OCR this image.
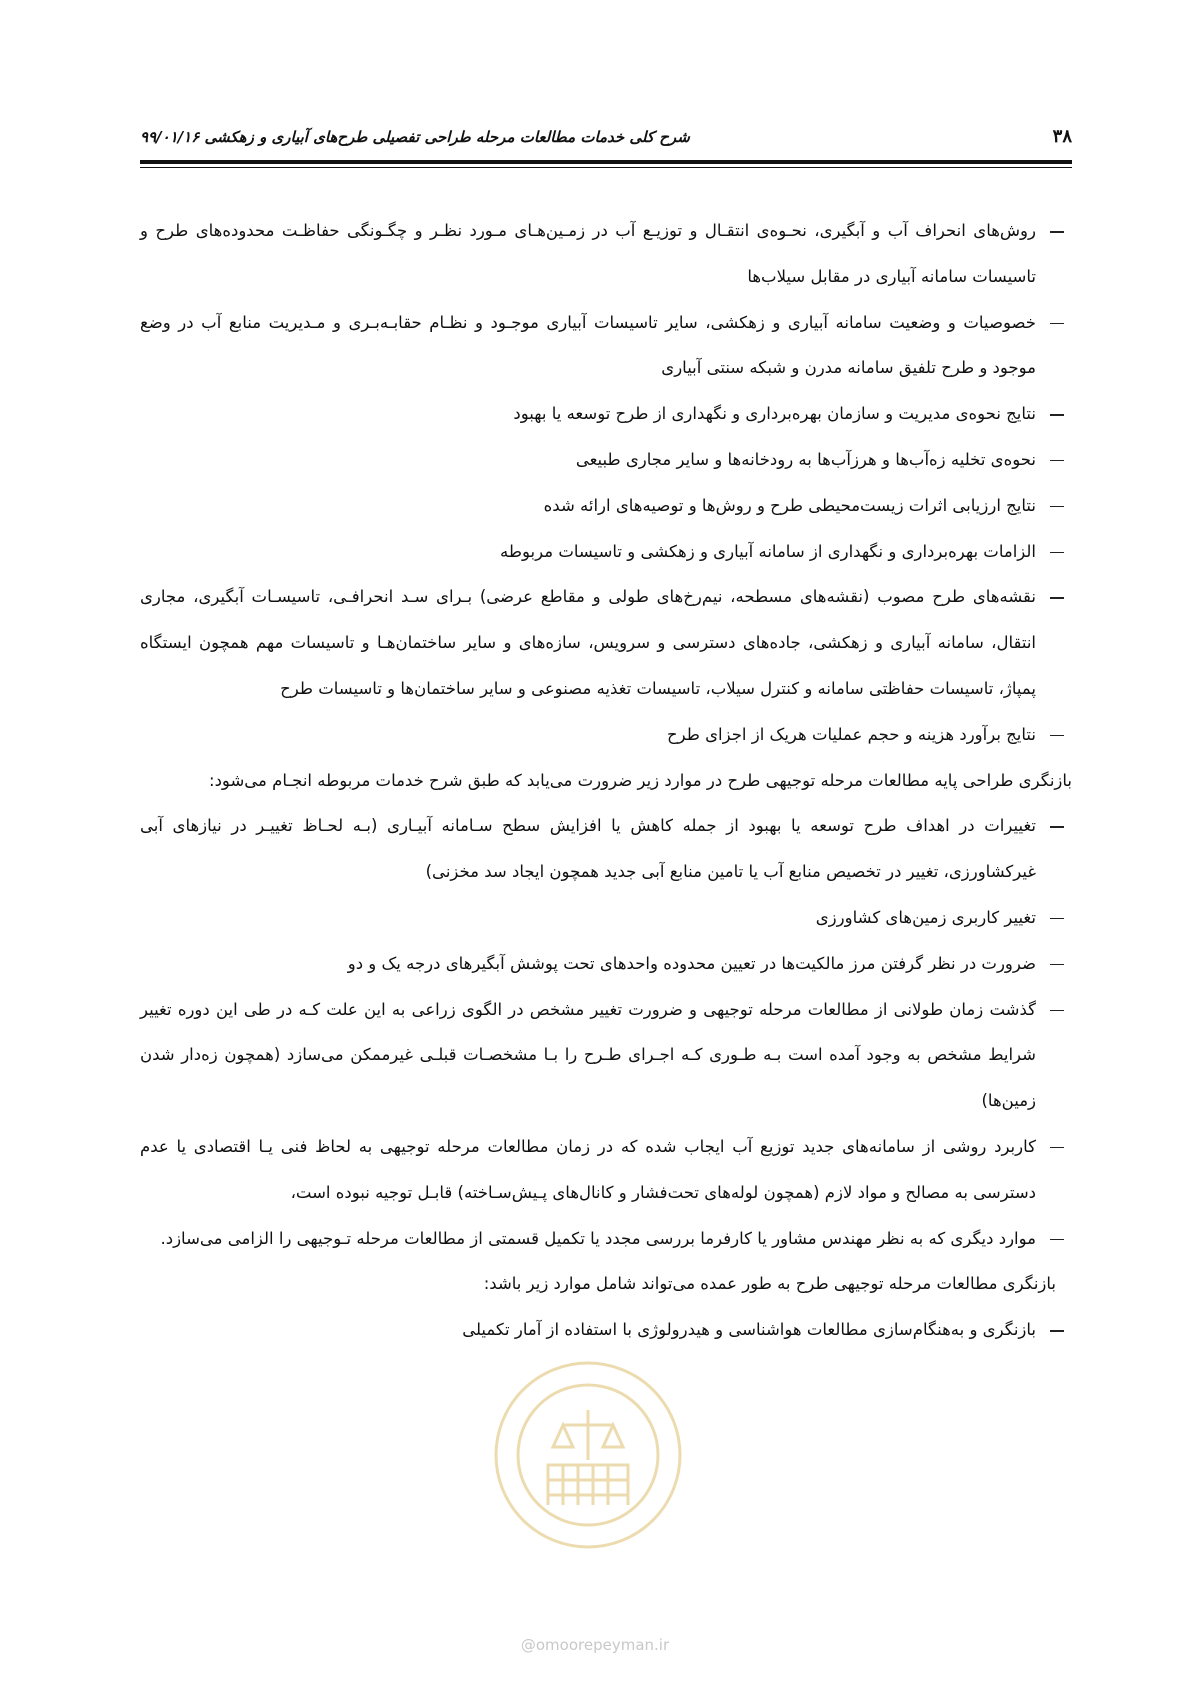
۳۸
شرح کلی خدمات مطالعات مرحله طراحی تفصیلی طرح‌های آبیاری و زهکشی ۹۹/۰۱/۱۶
روش‌های انحراف آب و آبگیری، نحـوه‌ی انتقـال و توزیـع آب در زمـین‌هـای مـورد نظـر و چگـونگی حفاظـت محدوده‌های طرح و تاسیسات سامانه آبیاری در مقابل سیلاب‌ها
خصوصیات و وضعیت سامانه آبیاری و زهکشی، سایر تاسیسات آبیاری موجـود و نظـام حقابـه‌بـری و مـدیریت منابع آب در وضع موجود و طرح تلفیق سامانه مدرن و شبکه سنتی آبیاری
نتایج نحوه‌ی مدیریت و سازمان بهره‌برداری و نگهداری از طرح توسعه یا بهبود
نحوه‌ی تخلیه زه‌آب‌ها و هرزآب‌ها به رودخانه‌ها و سایر مجاری طبیعی
نتایج ارزیابی اثرات زیست‌محیطی طرح و روش‌ها و توصیه‌های ارائه شده
الزامات بهره‌برداری و نگهداری از سامانه آبیاری و زهکشی و تاسیسات مربوطه
نقشه‌های طرح مصوب (نقشه‌های مسطحه، نیم‌رخ‌های طولی و مقاطع عرضی) بـرای سـد انحرافـی، تاسیسـات آبگیری، مجاری انتقال، سامانه آبیاری و زهکشی، جاده‌های دسترسی و سرویس، سازه‌های و سایر ساختمان‌هـا و تاسیسات مهم همچون ایستگاه پمپاژ، تاسیسات حفاظتی سامانه و کنترل سیلاب، تاسیسات تغذیه مصنوعی و سایر ساختمان‌ها و تاسیسات طرح
نتایج برآورد هزینه و حجم عملیات هریک از اجزای طرح
بازنگری طراحی پایه مطالعات مرحله توجیهی طرح در موارد زیر ضرورت می‌یابد که طبق شرح خدمات مربوطه انجـام می‌شود:
تغییرات در اهداف طرح توسعه یا بهبود از جمله کاهش یا افزایش سطح سـامانه آبیـاری (بـه لحـاظ تغییـر در نیازهای آبی غیرکشاورزی، تغییر در تخصیص منابع آب یا تامین منابع آبی جدید همچون ایجاد سد مخزنی)
تغییر کاربری زمین‌های کشاورزی
ضرورت در نظر گرفتن مرز مالکیت‌ها در تعیین محدوده واحدهای تحت پوشش آبگیرهای درجه یک و دو
گذشت زمان طولانی از مطالعات مرحله توجیهی و ضرورت تغییر مشخص در الگوی زراعی به این علت کـه در طی این دوره تغییر شرایط مشخص به وجود آمده است بـه طـوری کـه اجـرای طـرح را بـا مشخصـات قبلـی غیرممکن می‌سازد (همچون زه‌دار شدن زمین‌ها)
کاربرد روشی از سامانه‌های جدید توزیع آب ایجاب شده که در زمان مطالعات مرحله توجیهی به لحاظ فنی یـا اقتصادی یا عدم دسترسی به مصالح و مواد لازم (همچون لوله‌های تحت‌فشار و کانال‌های پـیش‌سـاخته) قابـل توجیه نبوده است،
موارد دیگری که به نظر مهندس مشاور یا کارفرما بررسی مجدد یا تکمیل قسمتی از مطالعات مرحله تـوجیهی را الزامی می‌سازد.
بازنگری مطالعات مرحله توجیهی طرح به طور عمده می‌تواند شامل موارد زیر باشد:
بازنگری و به‌هنگام‌سازی مطالعات هواشناسی و هیدرولوژی با استفاده از آمار تکمیلی
@omoorepeyman.ir
